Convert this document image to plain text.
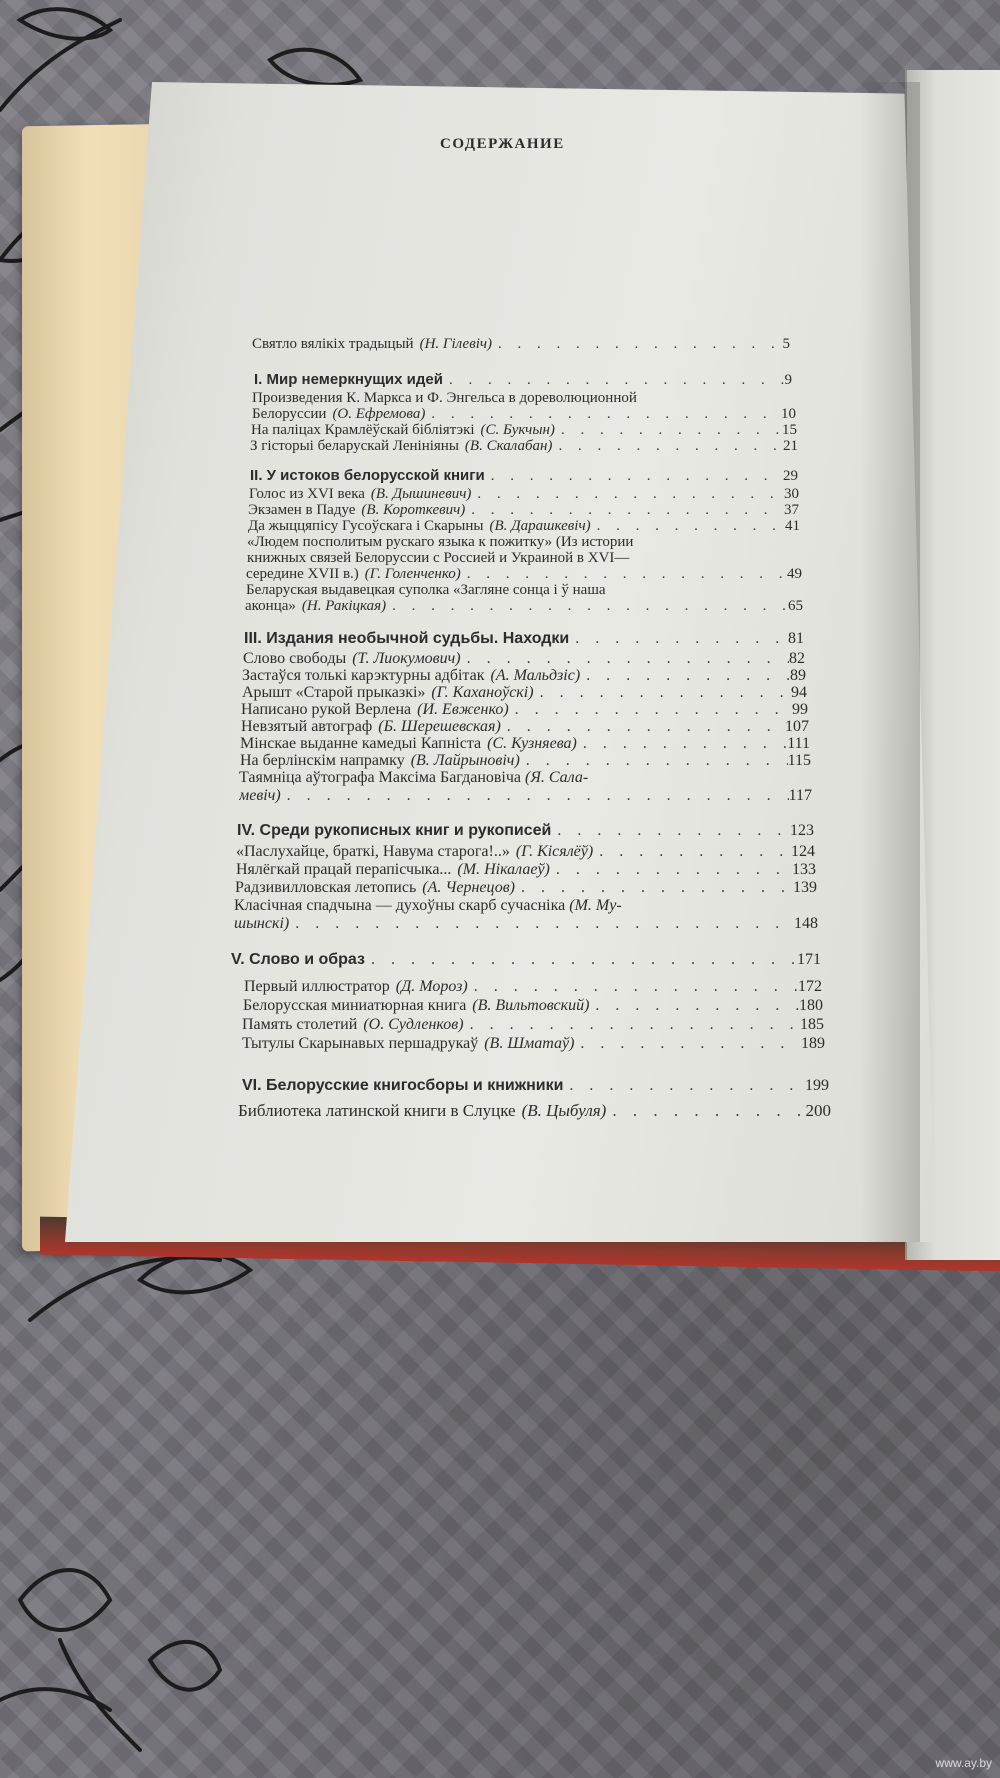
СОДЕРЖАНИЕ
Святло вялікіх традыцый (Н. Гілевіч) . . .	5
I. Мир немеркнущих идей . . .	9
Произведения К. Маркса и Ф. Энгельса в дореволюционной
Белоруссии (О. Ефремова) . . .	10
На паліцах Крамлёўскай бібліятэкі (С. Букчын) . . .	15
З гісторыі беларускай Ленініяны (В. Скалабан) . . .	21
II. У истоков белорусской книги . . .	29
Голос из XVI века (В. Дышиневич) . . .	30
Экзамен в Падуе (В. Короткевич) . . .	37
Да жыццяпісу Гусоўскага і Скарыны (В. Дарашкевіч) . . .	41
«Людем посполитым рускаго языка к пожитку» (Из истории
книжных связей Белоруссии с Россией и Украиной в XVI—
середине XVII в.) (Г. Голенченко) . . .	49
Беларуская выдавецкая суполка «Загляне сонца і ў наша
аконца» (Н. Ракіцкая) . . .	65
III. Издания необычной судьбы. Находки . . .	81
Слово свободы (Т. Лиокумович) . . .	82
Застаўся толькі карэктурны адбітак (А. Мальдзіс) . . .	89
Арышт «Старой прыказкі» (Г. Каханоўскі) . . .	94
Написано рукой Верлена (И. Евженко) . . .	99
Невзятый автограф (Б. Шерешевская) . . .	107
Мінскае выданне камедыі Капніста (С. Кузняева) . . .	111
На берлінскім напрамку (В. Лайрыновіч) . . .	115
Таямніца аўтографа Максіма Багдановіча (Я. Сала-
мевіч) . . .	117
IV. Среди рукописных книг и рукописей . . .	123
«Паслухайце, браткі, Навума старога!..» (Г. Кісялёў) . . .	124
Нялёгкай працай перапісчыка... (М. Нікалаеў) . . .	133
Радзивилловская летопись (А. Чернецов) . . .	139
Класічная спадчына — духоўны скарб сучасніка (М. Му-
шынскі) . . .	148
V. Слово и образ . . .	171
Первый иллюстратор (Д. Мороз) . . .	172
Белорусская миниатюрная книга (В. Вильтовский) . . .	180
Память столетий (О. Судленков) . . .	185
Тытулы Скарынавых першадрукаў (В. Шматаў) . . .	189
VI. Белорусские книгосборы и книжники . . .	199
Библиотека латинской книги в Слуцке (В. Цыбуля) . . .	200
www.ay.by
